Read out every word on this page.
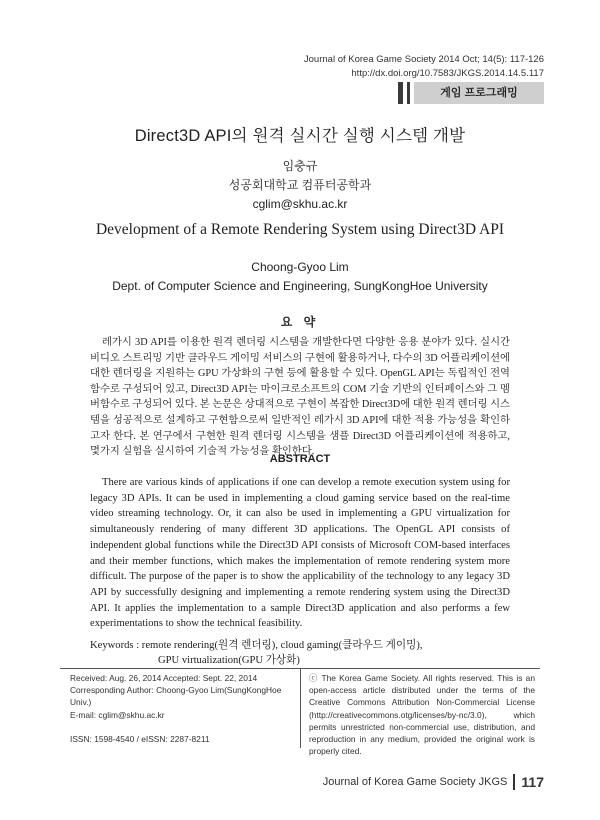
Journal of Korea Game Society 2014 Oct; 14(5): 117-126
http://dx.doi.org/10.7583/JKGS.2014.14.5.117
게임 프로그래밍
Direct3D API의 원격 실시간 실행 시스템 개발
임충규
성공회대학교 컴퓨터공학과
cglim@skhu.ac.kr
Development of a Remote Rendering System using Direct3D API
Choong-Gyoo Lim
Dept. of Computer Science and Engineering, SungKongHoe University
요 약
레가시 3D API를 이용한 원격 렌더링 시스템을 개발한다면 다양한 응용 분야가 있다. 실시간 비디오 스트리밍 기반 클라우드 게이밍 서비스의 구현에 활용하거나, 다수의 3D 어플리케이션에 대한 렌더링을 지원하는 GPU 가상화의 구현 등에 활용할 수 있다. OpenGL API는 독립적인 전역함수로 구성되어 있고, Direct3D API는 마이크로소프트의 COM 기술 기반의 인터페이스와 그 멤버함수로 구성되어 있다. 본 논문은 상대적으로 구현이 복잡한 Direct3D에 대한 원격 렌더링 시스템을 성공적으로 설계하고 구현함으로써 일반적인 레가시 3D API에 대한 적용 가능성을 확인하고자 한다. 본 연구에서 구현한 원격 렌더링 시스템을 샘플 Direct3D 어플리케이션에 적용하고, 몇가지 실험을 실시하여 기술적 가능성을 확인한다.
ABSTRACT
There are various kinds of applications if one can develop a remote execution system using for legacy 3D APIs. It can be used in implementing a cloud gaming service based on the real-time video streaming technology. Or, it can also be used in implementing a GPU virtualization for simultaneously rendering of many different 3D applications. The OpenGL API consists of independent global functions while the Direct3D API consists of Microsoft COM-based interfaces and their member functions, which makes the implementation of remote rendering system more difficult. The purpose of the paper is to show the applicability of the technology to any legacy 3D API by successfully designing and implementing a remote rendering system using the Direct3D API. It applies the implementation to a sample Direct3D application and also performs a few experimentations to show the technical feasibility.
Keywords : remote rendering(원격 렌더링), cloud gaming(클라우드 게이밍),
GPU virtualization(GPU 가상화)
Received: Aug. 26, 2014 Accepted: Sept. 22, 2014
Corresponding Author: Choong-Gyoo Lim(SungKongHoe Univ.)
E-mail: cglim@skhu.ac.kr
ISSN: 1598-4540 / eISSN: 2287-8211
ⓒ The Korea Game Society. All rights reserved. This is an open-access article distributed under the terms of the Creative Commons Attribution Non-Commercial License (http://creativecommons.otg/licenses/by-nc/3.0), which permits unrestricted non-commercial use, distribution, and reproduction in any medium, provided the original work is properly cited.
Journal of Korea Game Society JKGS 117
